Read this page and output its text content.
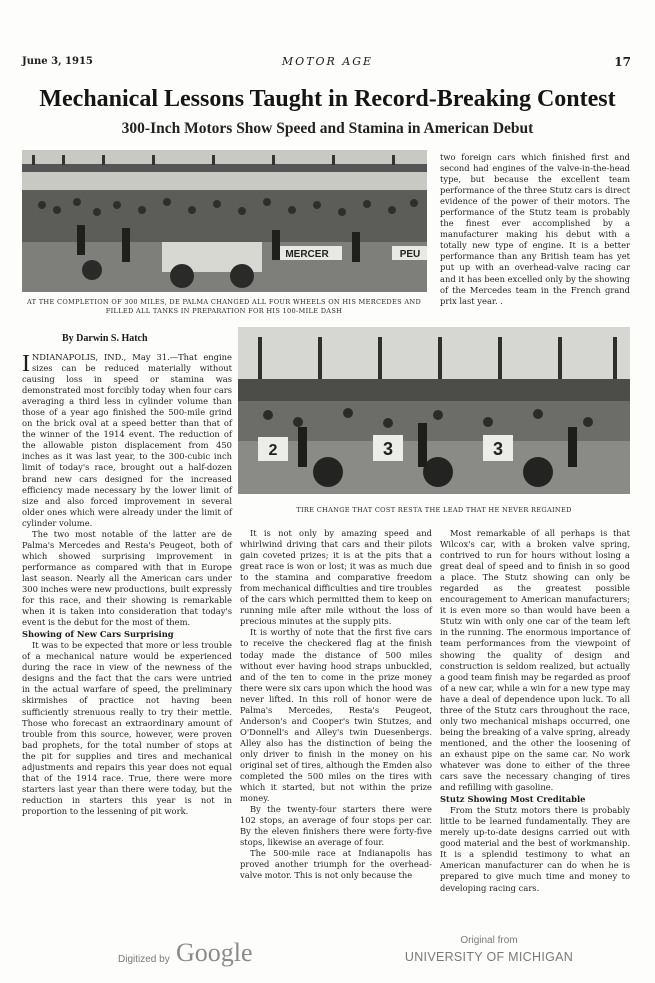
June 3, 1915	MOTOR AGE	17
Mechanical Lessons Taught in Record-Breaking Contest
300-Inch Motors Show Speed and Stamina in American Debut
MERCER	PEU
AT THE COMPLETION OF 300 MILES, DE PALMA CHANGED ALL FOUR WHEELS ON HIS MERCEDES AND FILLED ALL TANKS IN PREPARATION FOR HIS 100-MILE DASH

two foreign cars which finished first and second had engines of the valve-in-the-head type, but because the excellent team performance of the three Stutz cars is direct evidence of the power of their motors. The performance of the Stutz team is probably the finest ever accomplished by a manufacturer making his debut with a totally new type of engine. It is a better performance than any British team has yet put up with an overhead-valve racing car and it has been excelled only by the showing of the Mercedes team in the French grand prix last year. .

By Darwin S. Hatch
2	3	3
TIRE CHANGE THAT COST RESTA THE LEAD THAT HE NEVER REGAINED

INDIANAPOLIS, IND., May 31.—That engine sizes can be reduced materially without causing loss in speed or stamina was demonstrated most forcibly today when four cars averaging a third less in cylinder volume than those of a year ago finished the 500-mile grind on the brick oval at a speed better than that of the winner of the 1914 event. The reduction of the allowable piston displacement from 450 inches as it was last year, to the 300-cubic inch limit of today's race, brought out a half-dozen brand new cars designed for the increased efficiency made necessary by the lower limit of size and also forced improvement in several older ones which were already under the limit of cylinder volume.

The two most notable of the latter are de Palma's Mercedes and Resta's Peugeot, both of which showed surprising improvement in performance as compared with that in Europe last season. Nearly all the American cars under 300 inches were new productions, built expressly for this race, and their showing is remarkable when it is taken into consideration that today's event is the debut for the most of them.

Showing of New Cars Surprising

It was to be expected that more or less trouble of a mechanical nature would be experienced during the race in view of the newness of the designs and the fact that the cars were untried in the actual warfare of speed, the preliminary skirmishes of practice not having been sufficiently strenuous really to try their mettle. Those who forecast an extraordinary amount of trouble from this source, however, were proven bad prophets, for the total number of stops at the pit for supplies and tires and mechanical adjustments and repairs this year does not equal that of the 1914 race. True, there were more starters last year than there were today, but the reduction in starters this year is not in proportion to the lessening of pit work.

It is not only by amazing speed and whirlwind driving that cars and their pilots gain coveted prizes; it is at the pits that a great race is won or lost; it was as much due to the stamina and comparative freedom from mechanical difficulties and tire troubles of the cars which permitted them to keep on running mile after mile without the loss of precious minutes at the supply pits.

It is worthy of note that the first five cars to receive the checkered flag at the finish today made the distance of 500 miles without ever having hood straps unbuckled, and of the ten to come in the prize money there were six cars upon which the hood was never lifted. In this roll of honor were de Palma's Mercedes, Resta's Peugeot, Anderson's and Cooper's twin Stutzes, and O'Donnell's and Alley's twin Duesenbergs. Alley also has the distinction of being the only driver to finish in the money on his original set of tires, although the Emden also completed the 500 miles on the tires with which it started, but not within the prize money.

By the twenty-four starters there were 102 stops, an average of four stops per car. By the eleven finishers there were forty-five stops, likewise an average of four.

The 500-mile race at Indianapolis has proved another triumph for the overhead-valve motor. This is not only because the

Most remarkable of all perhaps is that Wilcox's car, with a broken valve spring, contrived to run for hours without losing a great deal of speed and to finish in so good a place. The Stutz showing can only be regarded as the greatest possible encouragement to American manufacturers; it is even more so than would have been a Stutz win with only one car of the team left in the running. The enormous importance of team performances from the viewpoint of showing the quality of design and construction is seldom realized, but actually a good team finish may be regarded as proof of a new car, while a win for a new type may have a deal of dependence upon luck. To all three of the Stutz cars throughout the race, only two mechanical mishaps occurred, one being the breaking of a valve spring, already mentioned, and the other the loosening of an exhaust pipe on the same car. No work whatever was done to either of the three cars save the necessary changing of tires and refilling with gasoline.

Stutz Showing Most Creditable

From the Stutz motors there is probably little to be learned fundamentally. They are merely up-to-date designs carried out with good material and the best of workmanship. It is a splendid testimony to what an American manufacturer can do when he is prepared to give much time and money to developing racing cars.

Digitized by Google	Original from
UNIVERSITY OF MICHIGAN
